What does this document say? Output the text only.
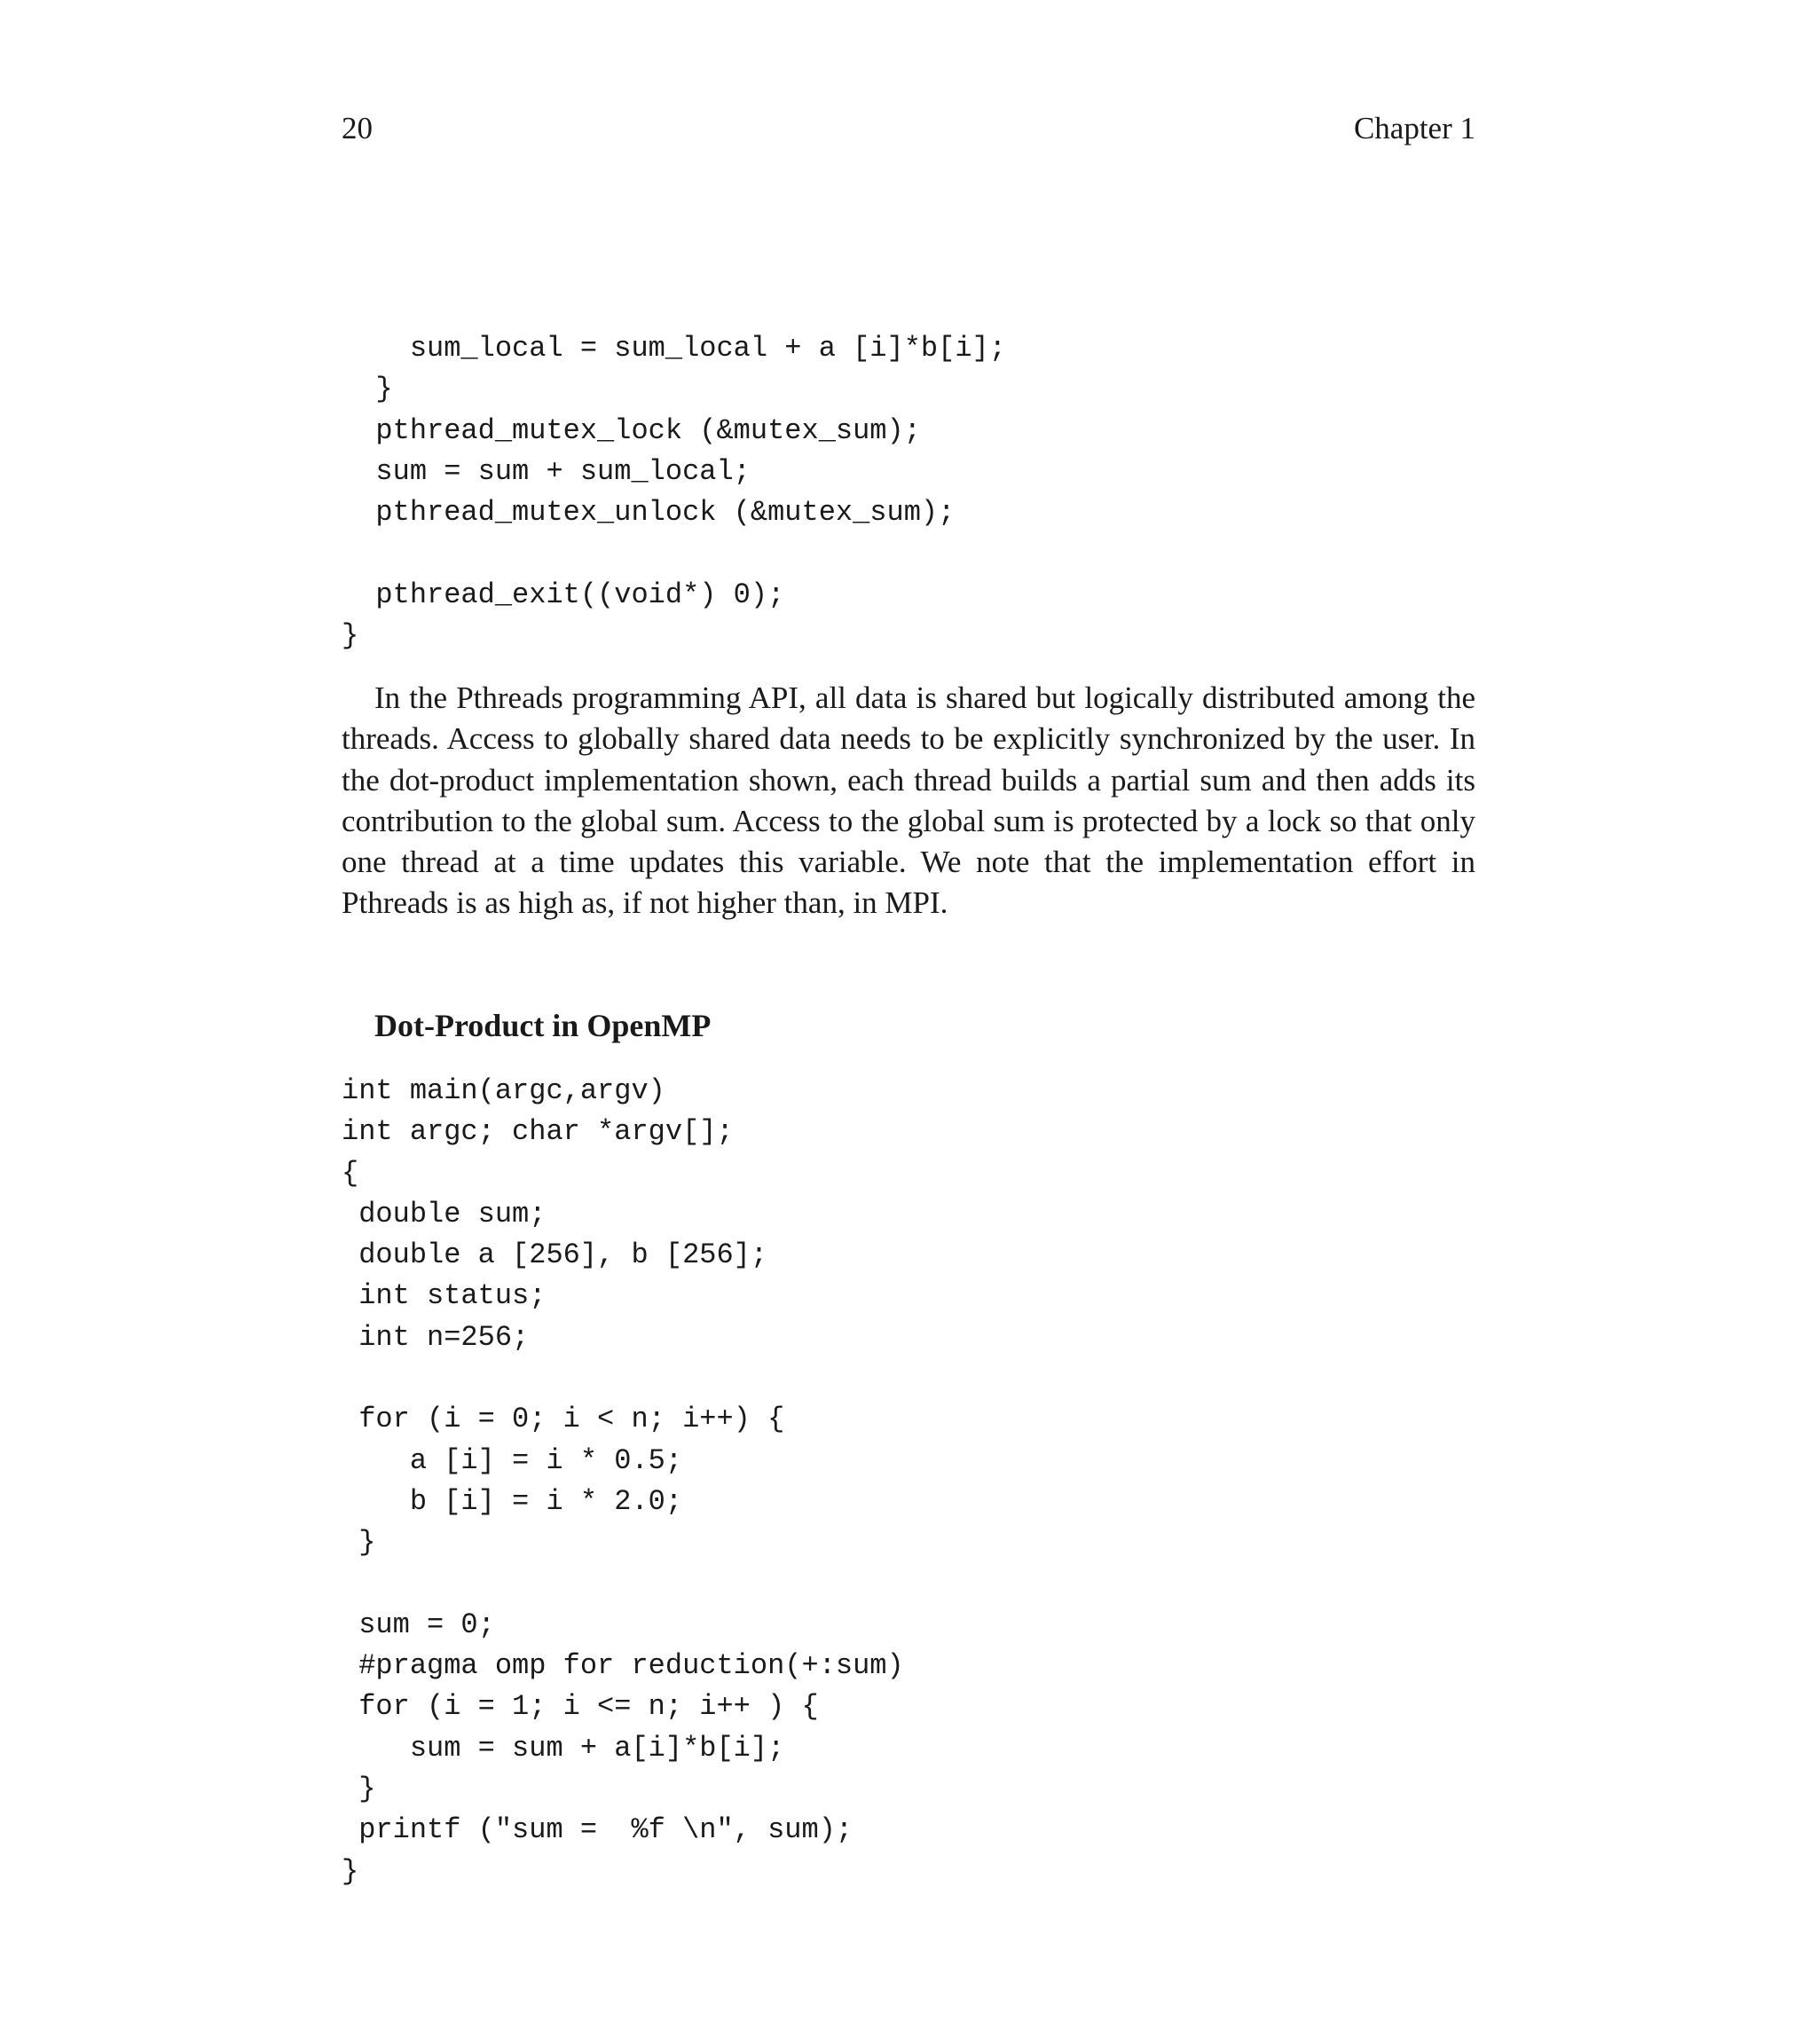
20	Chapter 1
sum_local = sum_local + a [i]*b[i];
}
pthread_mutex_lock (&mutex_sum);
sum = sum + sum_local;
pthread_mutex_unlock (&mutex_sum);
pthread_exit((void*) 0);
}

In the Pthreads programming API, all data is shared but logically distributed among the threads. Access to globally shared data needs to be explicitly synchronized by the user. In the dot-product implementation shown, each thread builds a partial sum and then adds its contribution to the global sum. Access to the global sum is protected by a lock so that only one thread at a time updates this variable. We note that the implementation effort in Pthreads is as high as, if not higher than, in MPI.

Dot-Product in OpenMP
int main(argc,argv)
int argc; char *argv[];
{
double sum;
double a [256], b [256];
int status;
int n=256;
for (i = 0; i < n; i++) {
a [i] = i * 0.5;
b [i] = i * 2.0;
}
sum = 0;
#pragma omp for reduction(+:sum)
for (i = 1; i <= n; i++ ) {
sum = sum + a[i]*b[i];
}
printf ("sum =  %f \n", sum);
}
